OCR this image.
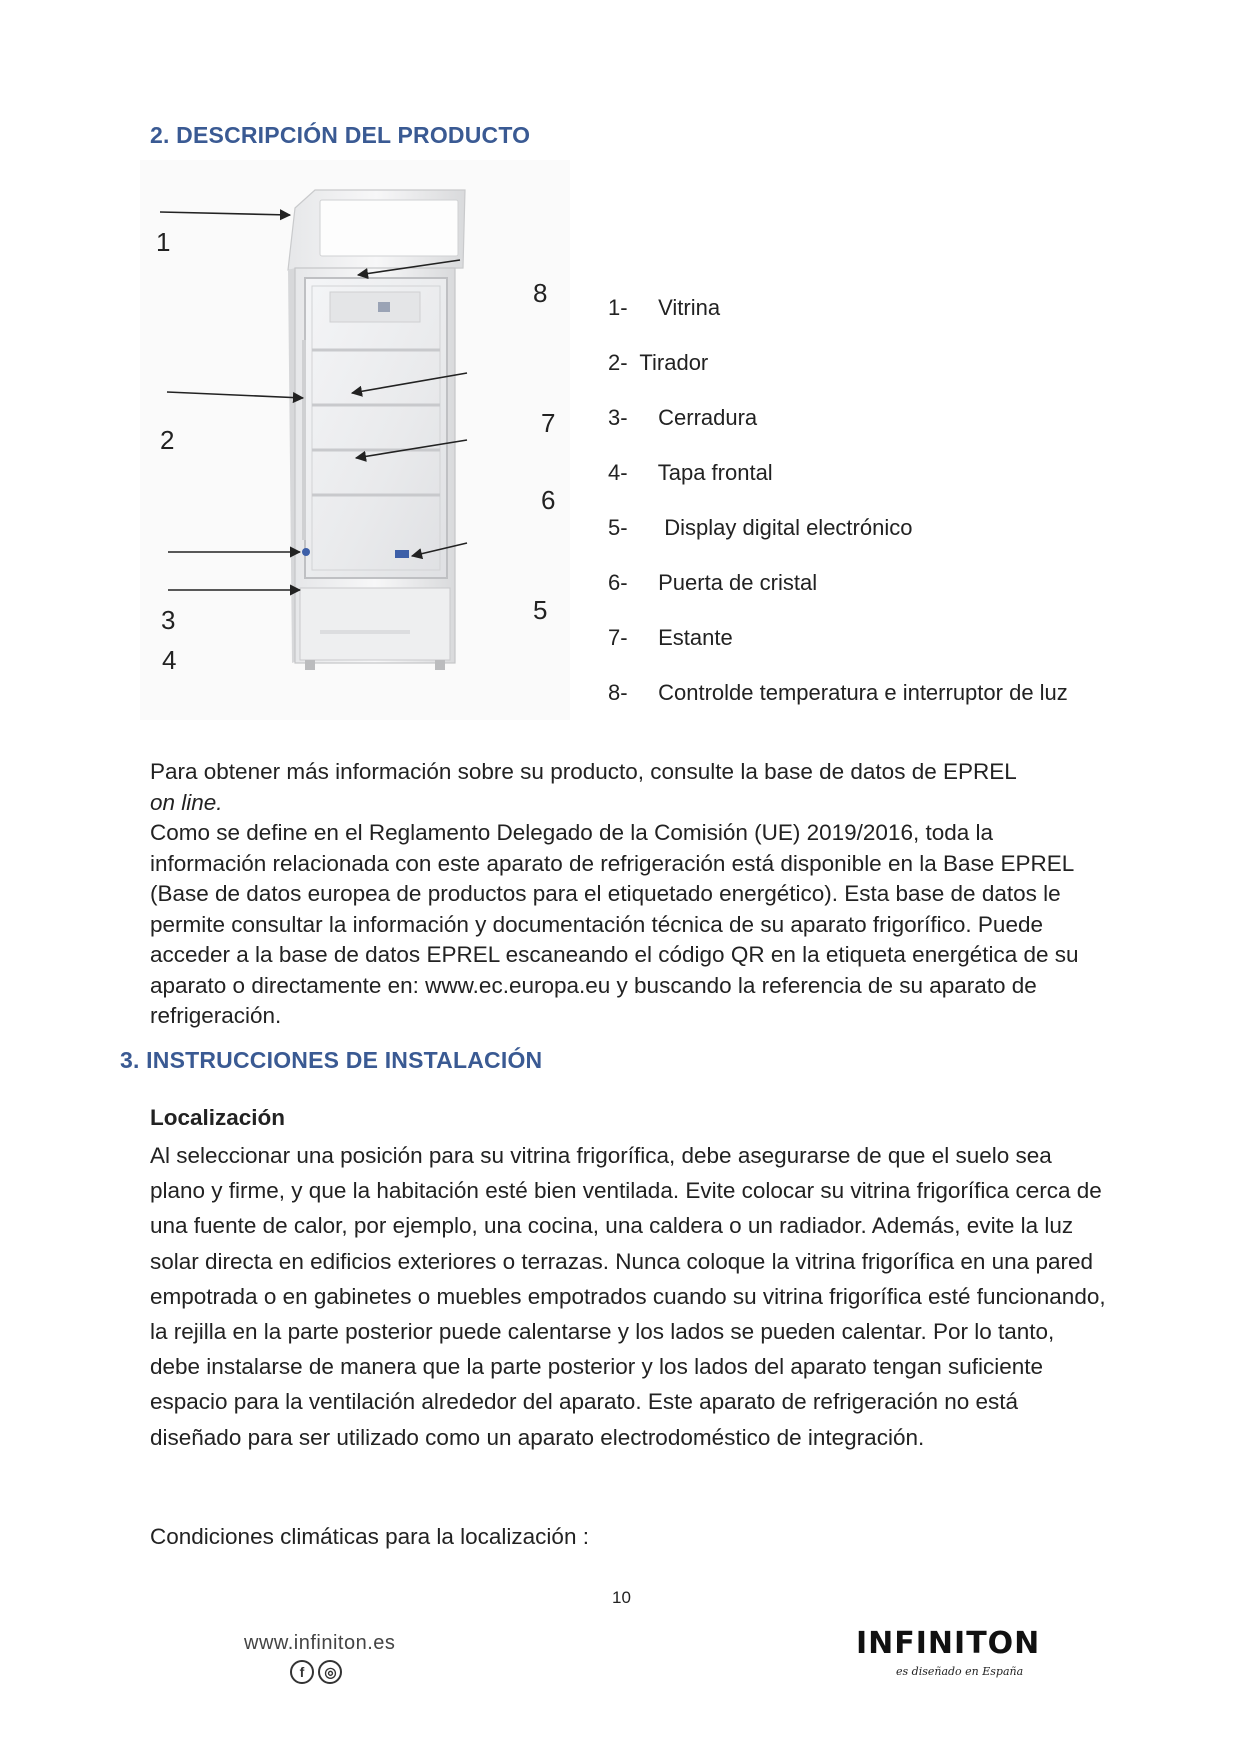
2. DESCRIPCIÓN DEL PRODUCTO
1
2
3
4
5
6
7
8	1-     Vitrina
2-  Tirador
3-     Cerradura
4-     Tapa frontal
5-      Display digital electrónico
6-     Puerta de cristal
7-     Estante
8-     Controlde temperatura e interruptor de luz
Para obtener más información sobre su producto, consulte la base de datos de EPREL
on line.
Como se define en el Reglamento Delegado de la Comisión (UE) 2019/2016, toda la información relacionada con este aparato de refrigeración está disponible en la Base EPREL (Base de datos europea de productos para el etiquetado energético). Esta base de datos le permite consultar la información y documentación técnica de su aparato frigorífico. Puede acceder a la base de datos EPREL escaneando el código QR en la etiqueta energética de su aparato o directamente en: www.ec.europa.eu y buscando la referencia de su aparato de refrigeración.
3. INSTRUCCIONES DE INSTALACIÓN
Localización
Al seleccionar una posición para su vitrina frigorífica, debe asegurarse de que el suelo sea plano y firme, y que la habitación esté bien ventilada. Evite colocar su vitrina frigorífica cerca de una fuente de calor, por ejemplo, una cocina, una caldera o un radiador. Además, evite la luz solar directa en edificios exteriores o terrazas. Nunca coloque la vitrina frigorífica en una pared empotrada o en gabinetes o muebles empotrados cuando su vitrina frigorífica esté funcionando, la rejilla en la parte posterior puede calentarse y los lados se pueden calentar. Por lo tanto, debe instalarse de manera que la parte posterior y los lados del aparato tengan suficiente espacio para la ventilación alrededor del aparato. Este aparato de refrigeración no está diseñado para ser utilizado como un aparato electrodoméstico de integración.
Condiciones climáticas para la localización :
10
www.infiniton.es
f ◎
INFINITON
es diseñado en España
